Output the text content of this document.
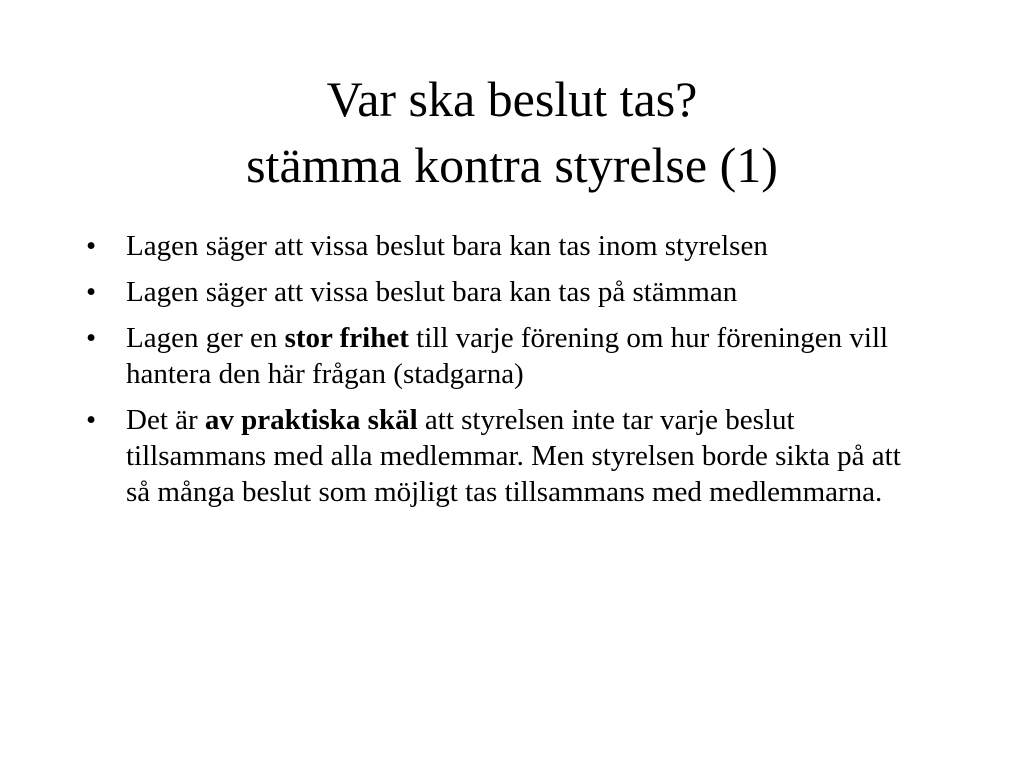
Var ska beslut tas?
stämma kontra styrelse (1)
•	Lagen säger att vissa beslut bara kan tas inom styrelsen
•	Lagen säger att vissa beslut bara kan tas på stämman
•	Lagen ger en stor frihet till varje förening om hur föreningen vill hantera den här frågan (stadgarna)
•	Det är av praktiska skäl att styrelsen inte tar varje beslut tillsammans med alla medlemmar. Men styrelsen borde sikta på att så många beslut som möjligt tas tillsammans med medlemmarna.
